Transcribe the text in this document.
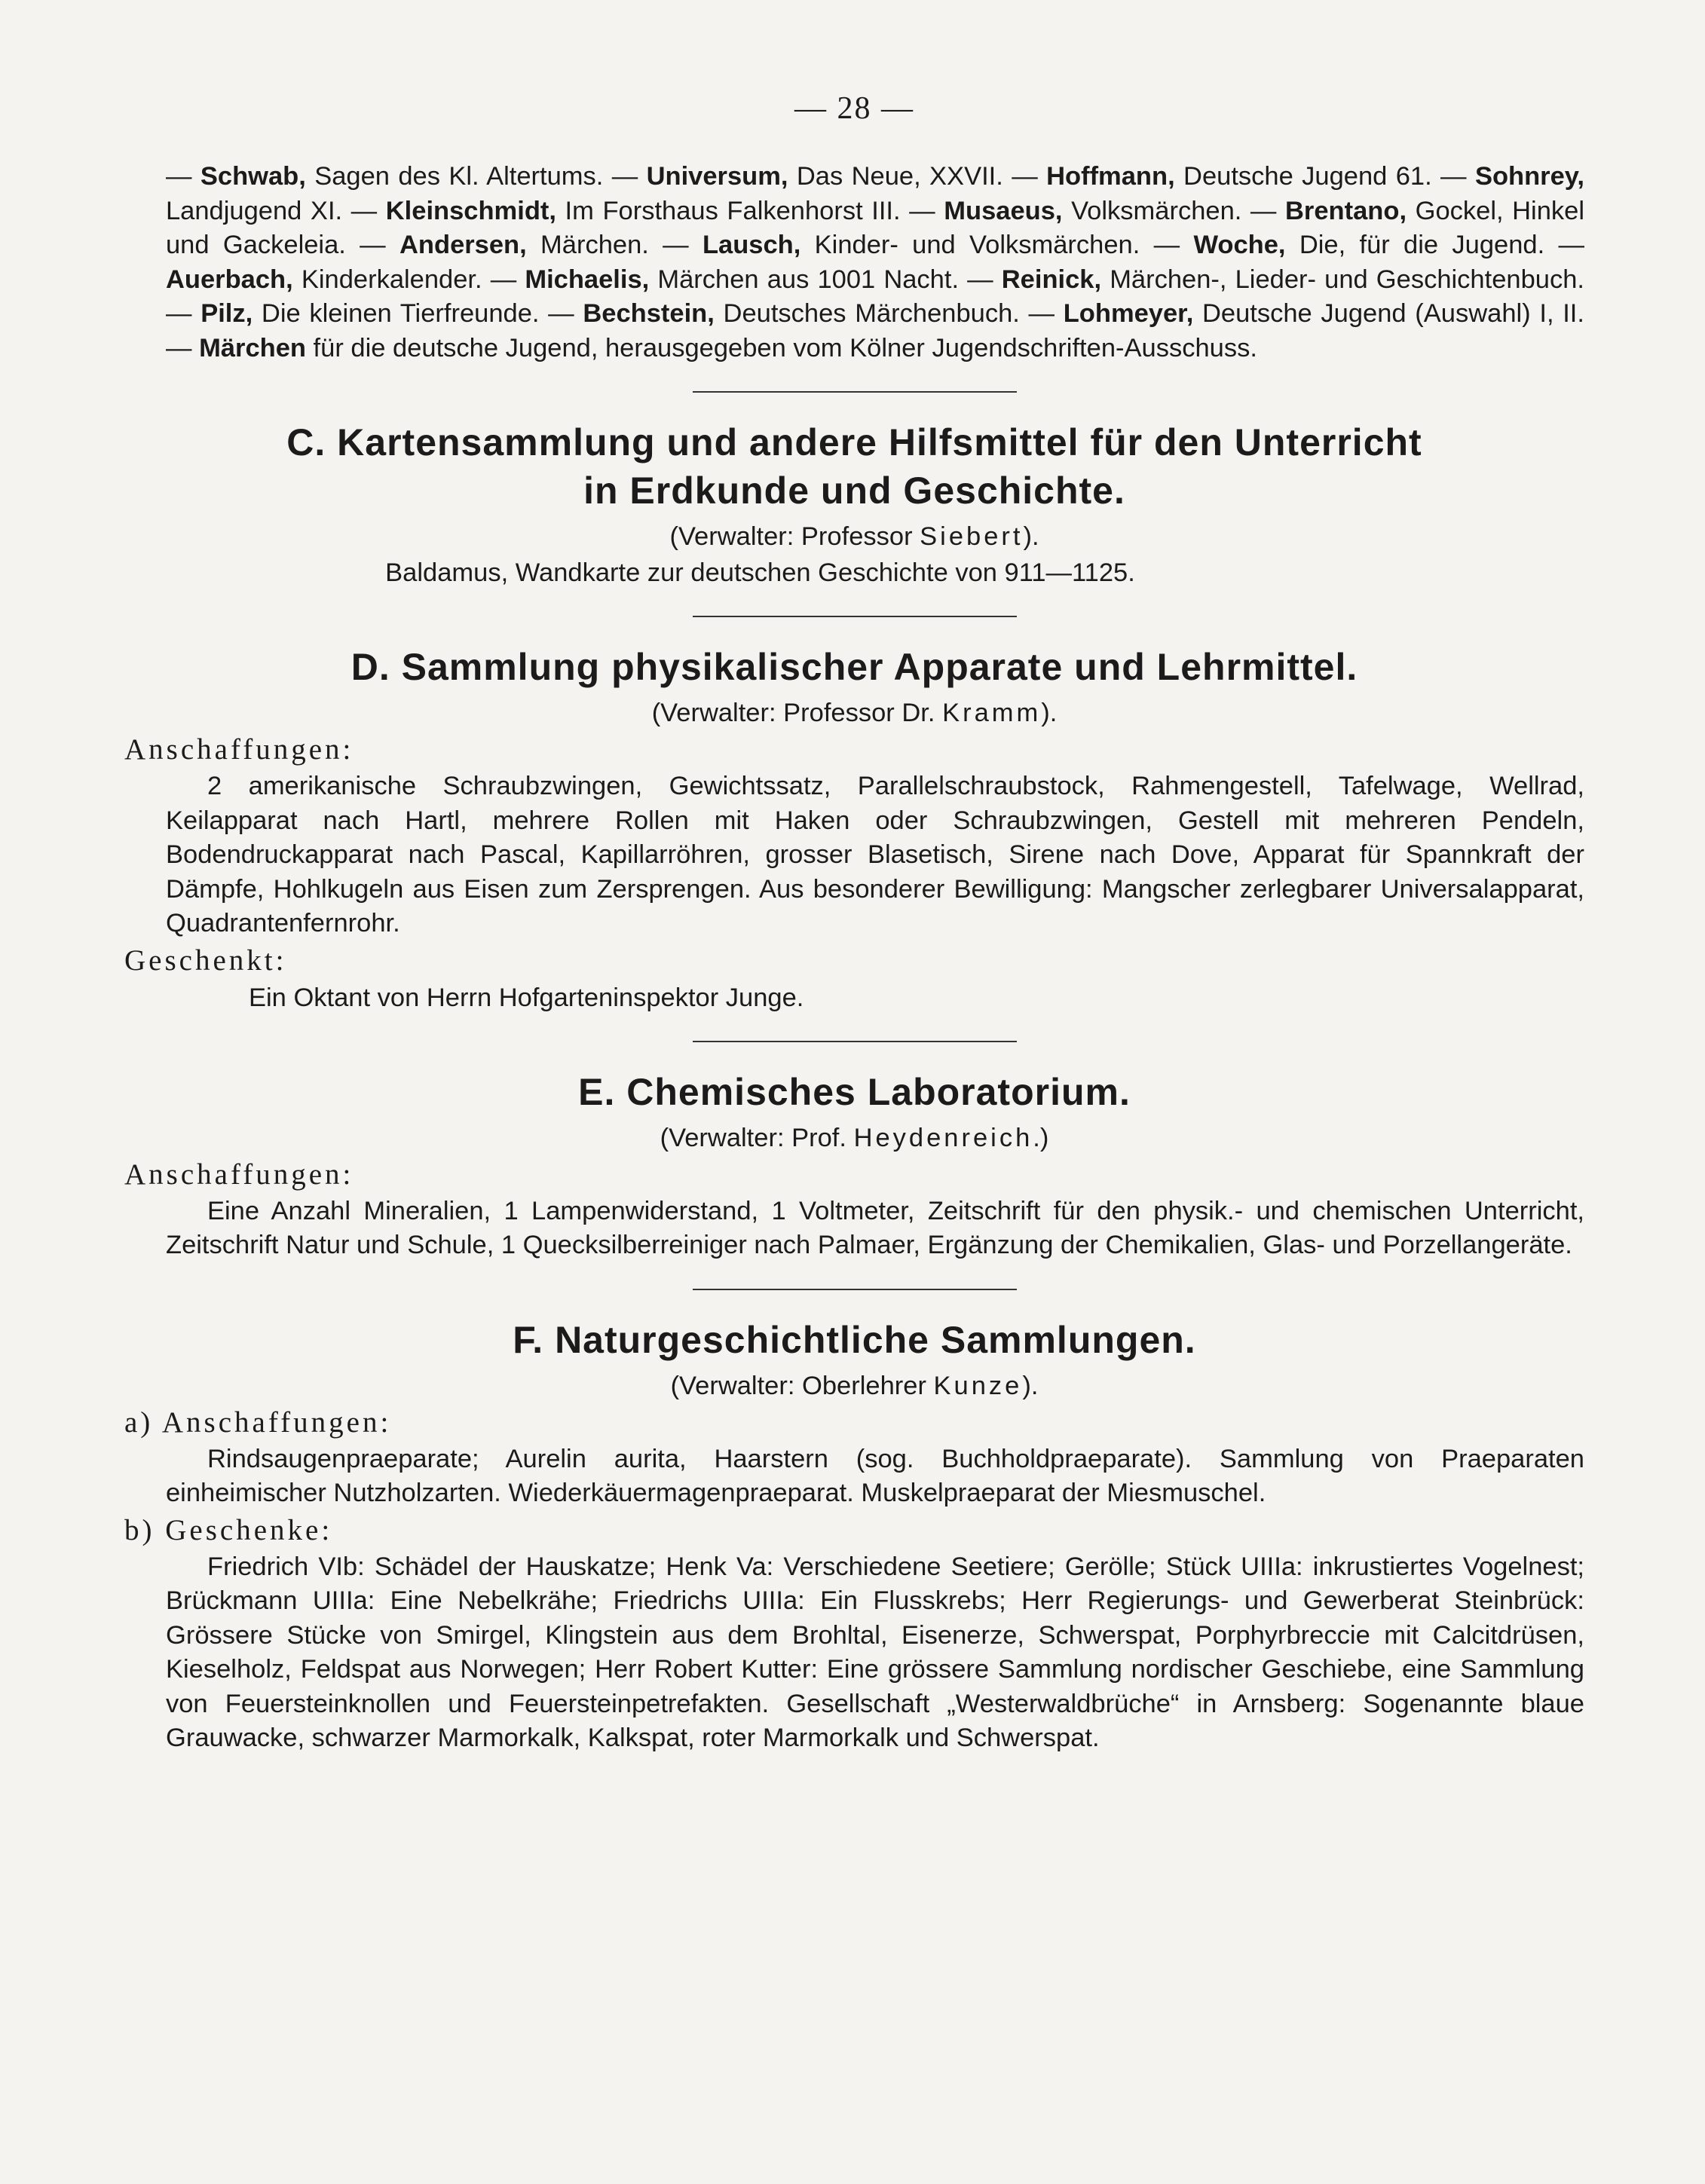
— 28 —

— Schwab, Sagen des Kl. Altertums. — Universum, Das Neue, XXVII. — Hoffmann, Deutsche Jugend 61. — Sohnrey, Landjugend XI. — Kleinschmidt, Im Forsthaus Falkenhorst III. — Musaeus, Volksmärchen. — Brentano, Gockel, Hinkel und Gackeleia. — Andersen, Märchen. — Lausch, Kinder- und Volksmärchen. — Woche, Die, für die Jugend. — Auerbach, Kinderkalender. — Michaelis, Märchen aus 1001 Nacht. — Reinick, Märchen-, Lieder- und Geschichtenbuch. — Pilz, Die kleinen Tierfreunde. — Bechstein, Deutsches Märchenbuch. — Lohmeyer, Deutsche Jugend (Auswahl) I, II. — Märchen für die deutsche Jugend, herausgegeben vom Kölner Jugendschriften-Ausschuss.

C. Kartensammlung und andere Hilfsmittel für den Unterricht
in Erdkunde und Geschichte.
(Verwalter: Professor Siebert).
Baldamus, Wandkarte zur deutschen Geschichte von 911—1125.
D. Sammlung physikalischer Apparate und Lehrmittel.
(Verwalter: Professor Dr. Kramm).
Anschaffungen:

2 amerikanische Schraubzwingen, Gewichtssatz, Parallelschraubstock, Rahmengestell, Tafelwage, Wellrad, Keilapparat nach Hartl, mehrere Rollen mit Haken oder Schraubzwingen, Gestell mit mehreren Pendeln, Bodendruckapparat nach Pascal, Kapillarröhren, grosser Blasetisch, Sirene nach Dove, Apparat für Spannkraft der Dämpfe, Hohlkugeln aus Eisen zum Zersprengen. Aus besonderer Bewilligung: Mangscher zerlegbarer Universalapparat, Quadrantenfernrohr.

Geschenkt:
Ein Oktant von Herrn Hofgarteninspektor Junge.
E. Chemisches Laboratorium.
(Verwalter: Prof. Heydenreich.)
Anschaffungen:

Eine Anzahl Mineralien, 1 Lampenwiderstand, 1 Voltmeter, Zeitschrift für den physik.- und chemischen Unterricht, Zeitschrift Natur und Schule, 1 Quecksilberreiniger nach Palmaer, Ergänzung der Chemikalien, Glas- und Porzellangeräte.

F. Naturgeschichtliche Sammlungen.
(Verwalter: Oberlehrer Kunze).
a) Anschaffungen:

Rindsaugenpraeparate; Aurelin aurita, Haarstern (sog. Buchholdpraeparate). Sammlung von Praeparaten einheimischer Nutzholzarten. Wiederkäuermagenpraeparat. Muskelpraeparat der Miesmuschel.

b) Geschenke:

Friedrich VIb: Schädel der Hauskatze; Henk Va: Verschiedene Seetiere; Gerölle; Stück UIIIa: inkrustiertes Vogelnest; Brückmann UIIIa: Eine Nebelkrähe; Friedrichs UIIIa: Ein Flusskrebs; Herr Regierungs- und Gewerberat Steinbrück: Grössere Stücke von Smirgel, Klingstein aus dem Brohltal, Eisenerze, Schwerspat, Porphyrbreccie mit Calcitdrüsen, Kieselholz, Feldspat aus Norwegen; Herr Robert Kutter: Eine grössere Sammlung nordischer Geschiebe, eine Sammlung von Feuersteinknollen und Feuersteinpetrefakten. Gesellschaft „Westerwaldbrüche“ in Arnsberg: Sogenannte blaue Grauwacke, schwarzer Marmorkalk, Kalkspat, roter Marmorkalk und Schwerspat.
